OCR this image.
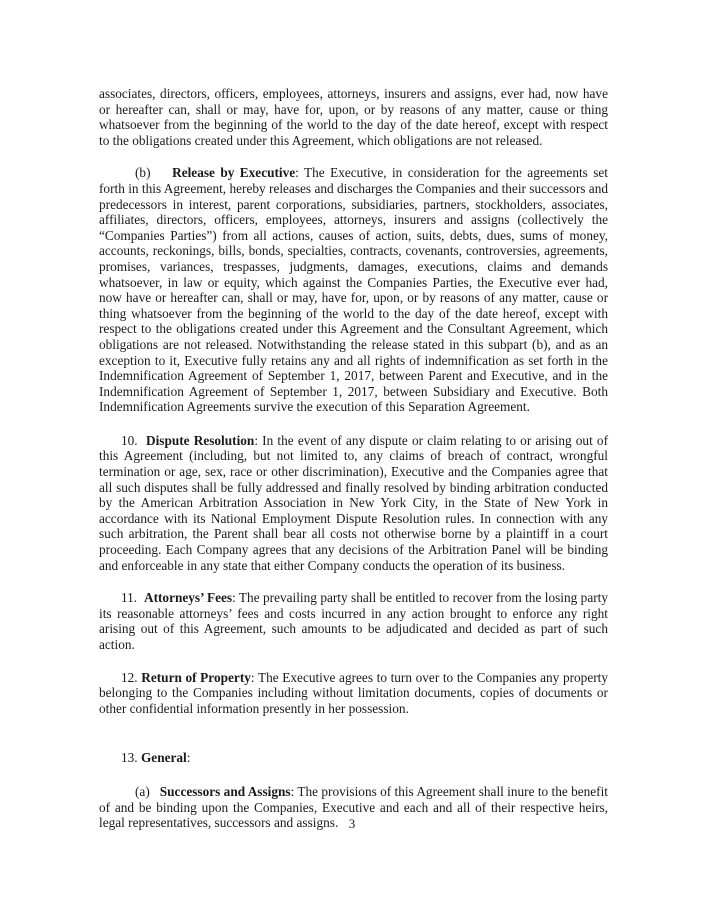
associates, directors, officers, employees, attorneys, insurers and assigns, ever had, now have or hereafter can, shall or may, have for, upon, or by reasons of any matter, cause or thing whatsoever from the beginning of the world to the day of the date hereof, except with respect to the obligations created under this Agreement, which obligations are not released.

(b) Release by Executive: The Executive, in consideration for the agreements set forth in this Agreement, hereby releases and discharges the Companies and their successors and predecessors in interest, parent corporations, subsidiaries, partners, stockholders, associates, affiliates, directors, officers, employees, attorneys, insurers and assigns (collectively the “Companies Parties”) from all actions, causes of action, suits, debts, dues, sums of money, accounts, reckonings, bills, bonds, specialties, contracts, covenants, controversies, agreements, promises, variances, trespasses, judgments, damages, executions, claims and demands whatsoever, in law or equity, which against the Companies Parties, the Executive ever had, now have or hereafter can, shall or may, have for, upon, or by reasons of any matter, cause or thing whatsoever from the beginning of the world to the day of the date hereof, except with respect to the obligations created under this Agreement and the Consultant Agreement, which obligations are not released. Notwithstanding the release stated in this subpart (b), and as an exception to it, Executive fully retains any and all rights of indemnification as set forth in the Indemnification Agreement of September 1, 2017, between Parent and Executive, and in the Indemnification Agreement of September 1, 2017, between Subsidiary and Executive. Both Indemnification Agreements survive the execution of this Separation Agreement.

10. Dispute Resolution: In the event of any dispute or claim relating to or arising out of this Agreement (including, but not limited to, any claims of breach of contract, wrongful termination or age, sex, race or other discrimination), Executive and the Companies agree that all such disputes shall be fully addressed and finally resolved by binding arbitration conducted by the American Arbitration Association in New York City, in the State of New York in accordance with its National Employment Dispute Resolution rules. In connection with any such arbitration, the Parent shall bear all costs not otherwise borne by a plaintiff in a court proceeding. Each Company agrees that any decisions of the Arbitration Panel will be binding and enforceable in any state that either Company conducts the operation of its business.

11. Attorneys’ Fees: The prevailing party shall be entitled to recover from the losing party its reasonable attorneys’ fees and costs incurred in any action brought to enforce any right arising out of this Agreement, such amounts to be adjudicated and decided as part of such action.

12. Return of Property: The Executive agrees to turn over to the Companies any property belonging to the Companies including without limitation documents, copies of documents or other confidential information presently in her possession.

13. General:

(a) Successors and Assigns: The provisions of this Agreement shall inure to the benefit of and be binding upon the Companies, Executive and each and all of their respective heirs, legal representatives, successors and assigns. 3
